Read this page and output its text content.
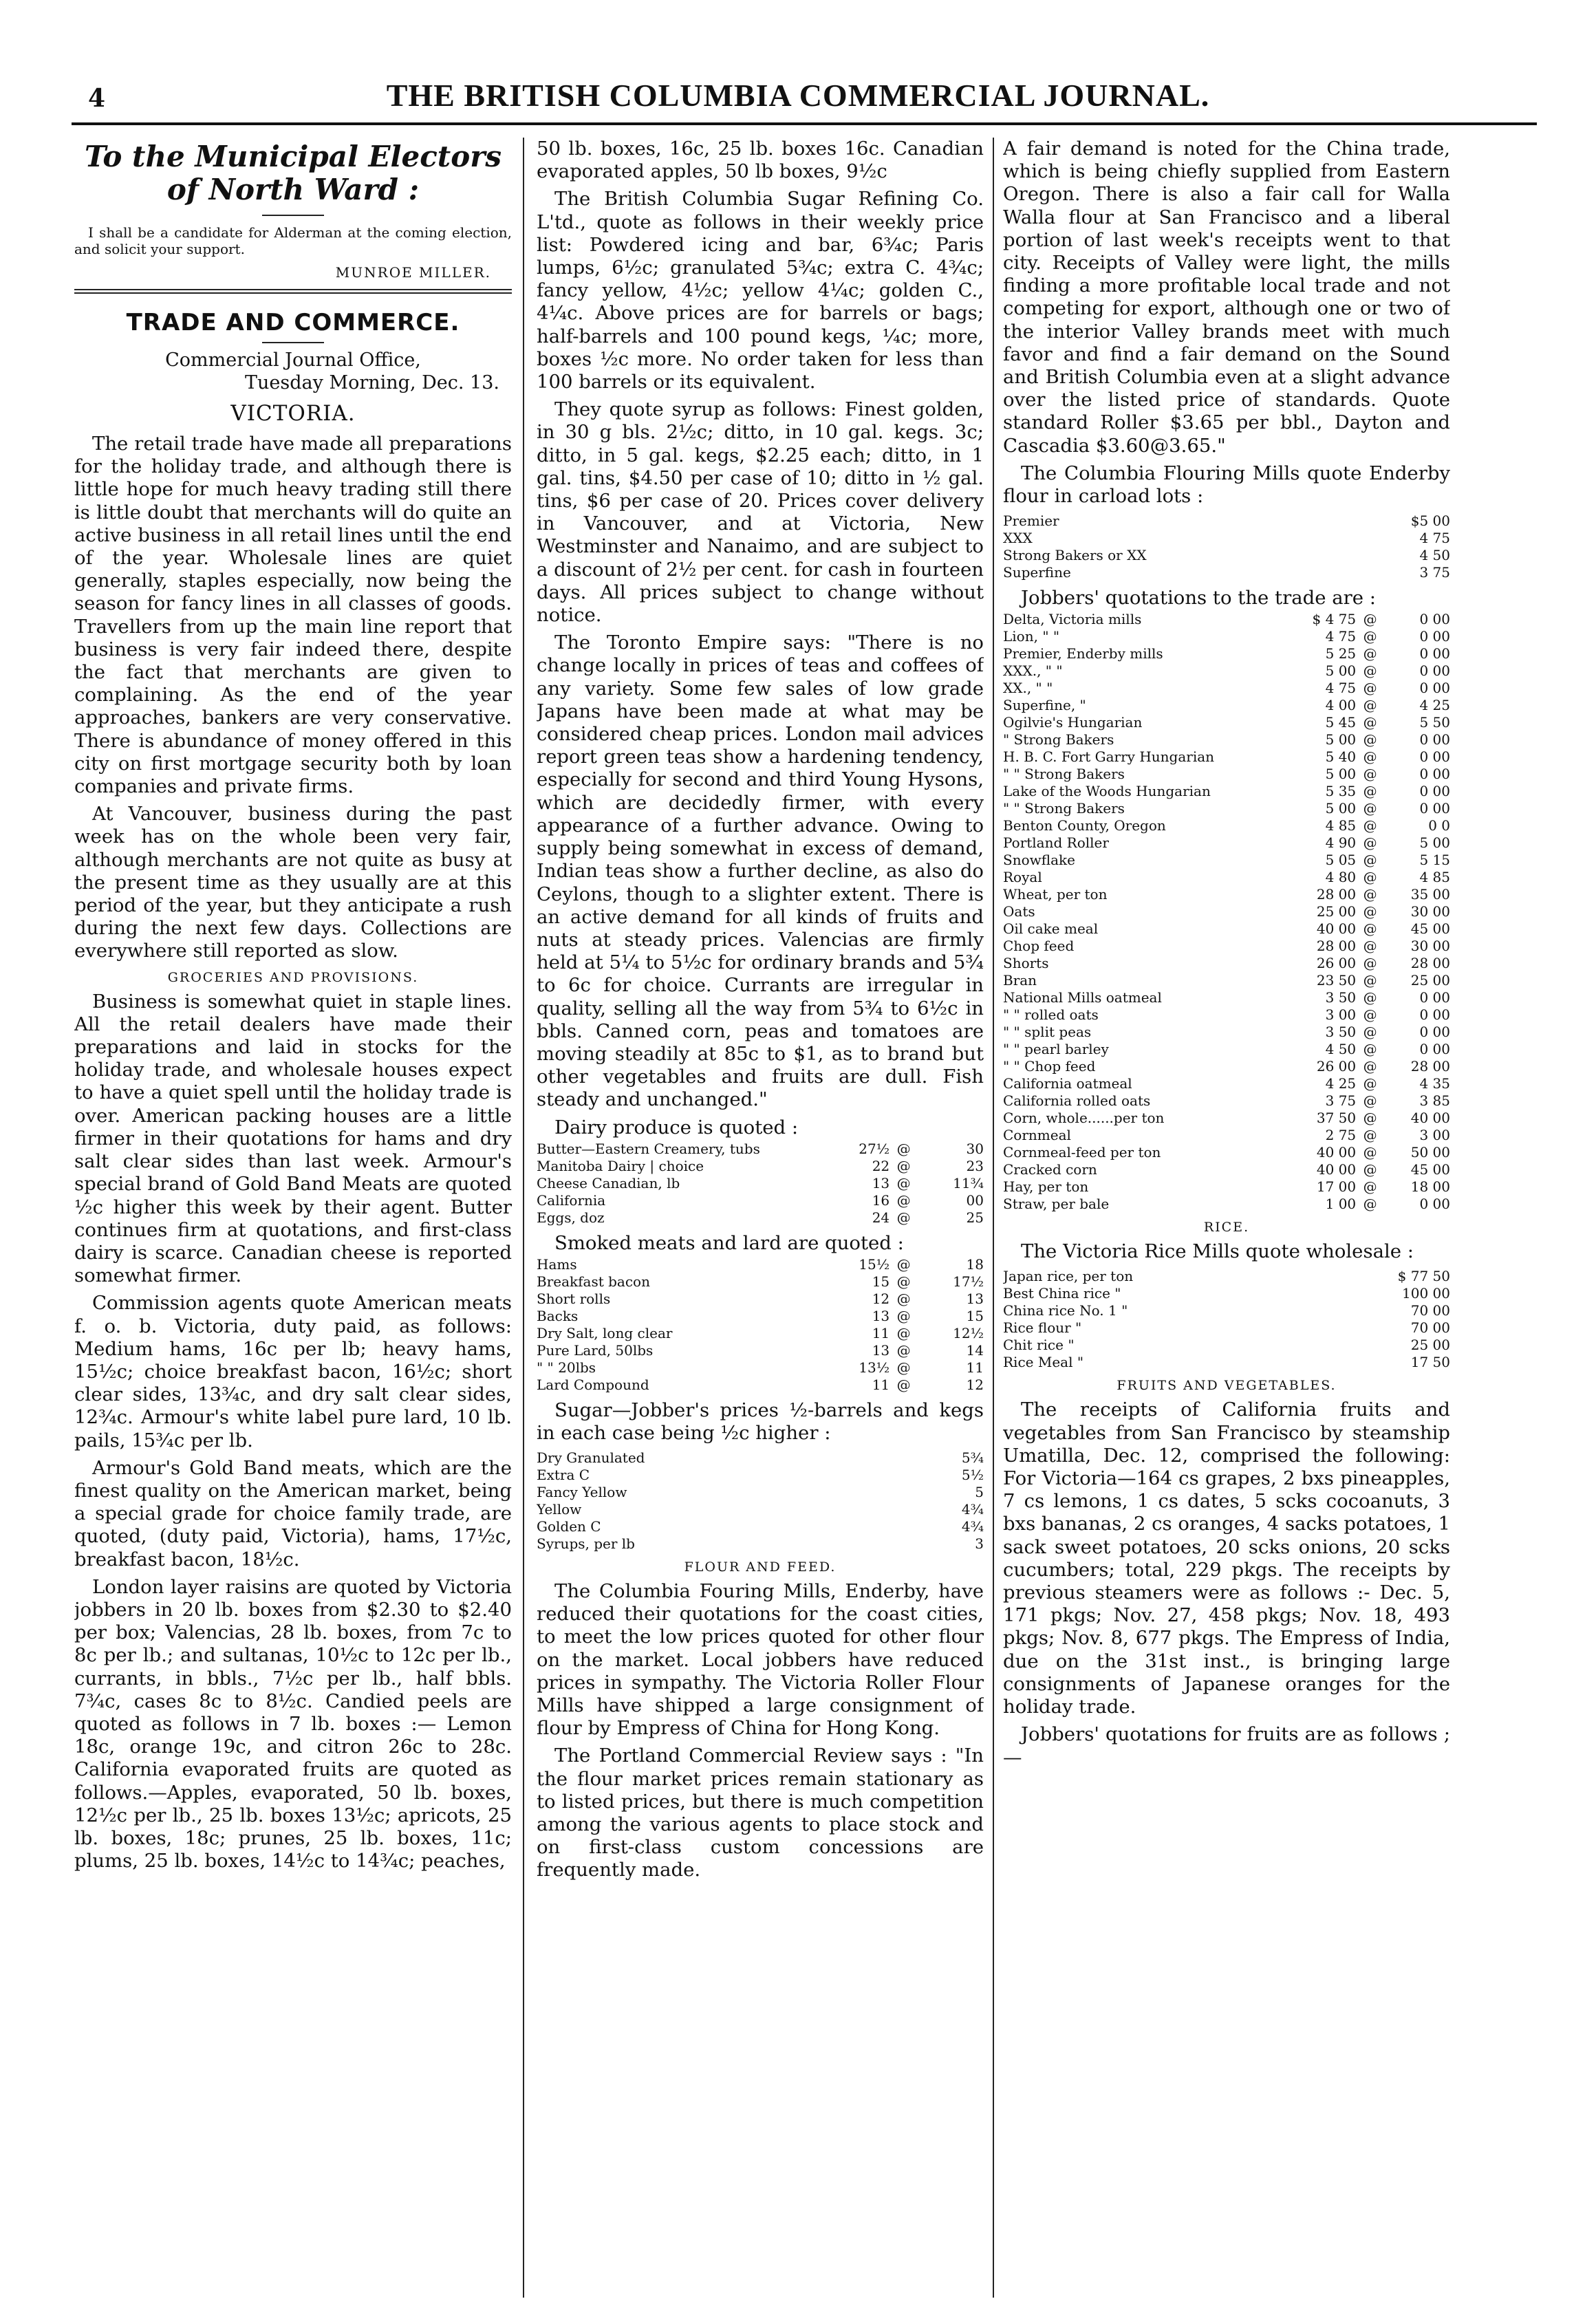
4	THE BRITISH COLUMBIA COMMERCIAL JOURNAL.
To the Municipal Electors of North Ward :

I shall be a candidate for Alderman at the coming election, and solicit your support.

MUNROE MILLER.
TRADE AND COMMERCE.
Commercial Journal Office,
Tuesday Morning, Dec. 13.
VICTORIA.

The retail trade have made all preparations for the holiday trade, and although there is little hope for much heavy trading still there is little doubt that merchants will do quite an active business in all retail lines until the end of the year. Wholesale lines are quiet generally, staples especially, now being the season for fancy lines in all classes of goods. Travellers from up the main line report that business is very fair indeed there, despite the fact that merchants are given to complaining. As the end of the year approaches, bankers are very conservative. There is abundance of money offered in this city on first mortgage security both by loan companies and private firms.

At Vancouver, business during the past week has on the whole been very fair, although merchants are not quite as busy at the present time as they usually are at this period of the year, but they anticipate a rush during the next few days. Collections are everywhere still reported as slow.

GROCERIES AND PROVISIONS.

Business is somewhat quiet in staple lines. All the retail dealers have made their preparations and laid in stocks for the holiday trade, and wholesale houses expect to have a quiet spell until the holiday trade is over. American packing houses are a little firmer in their quotations for hams and dry salt clear sides than last week. Armour's special brand of Gold Band Meats are quoted ½c higher this week by their agent. Butter continues firm at quotations, and first-class dairy is scarce. Canadian cheese is reported somewhat firmer.

Commission agents quote American meats f. o. b. Victoria, duty paid, as follows: Medium hams, 16c per lb; heavy hams, 15½c; choice breakfast bacon, 16½c; short clear sides, 13¾c, and dry salt clear sides, 12¾c. Armour's white label pure lard, 10 lb. pails, 15¾c per lb.

Armour's Gold Band meats, which are the finest quality on the American market, being a special grade for choice family trade, are quoted, (duty paid, Victoria), hams, 17½c, breakfast bacon, 18½c.

London layer raisins are quoted by Victoria jobbers in 20 lb. boxes from $2.30 to $2.40 per box; Valencias, 28 lb. boxes, from 7c to 8c per lb.; and sultanas, 10½c to 12c per lb., currants, in bbls., 7½c per lb., half bbls. 7¾c, cases 8c to 8½c. Candied peels are quoted as follows in 7 lb. boxes :— Lemon 18c, orange 19c, and citron 26c to 28c. California evaporated fruits are quoted as follows.—Apples, evaporated, 50 lb. boxes, 12½c per lb., 25 lb. boxes 13½c; apricots, 25 lb. boxes, 18c; prunes, 25 lb. boxes, 11c; plums, 25 lb. boxes, 14½c to 14¾c; peaches,

50 lb. boxes, 16c, 25 lb. boxes 16c. Canadian evaporated apples, 50 lb boxes, 9½c

The British Columbia Sugar Refining Co. L'td., quote as follows in their weekly price list: Powdered icing and bar, 6¾c; Paris lumps, 6½c; granulated 5¾c; extra C. 4¾c; fancy yellow, 4½c; yellow 4¼c; golden C., 4¼c. Above prices are for barrels or bags; half-barrels and 100 pound kegs, ¼c; more, boxes ½c more. No order taken for less than 100 barrels or its equivalent.

They quote syrup as follows: Finest golden, in 30 g bls. 2½c; ditto, in 10 gal. kegs. 3c; ditto, in 5 gal. kegs, $2.25 each; ditto, in 1 gal. tins, $4.50 per case of 10; ditto in ½ gal. tins, $6 per case of 20. Prices cover delivery in Vancouver, and at Victoria, New Westminster and Nanaimo, and are subject to a discount of 2½ per cent. for cash in fourteen days. All prices subject to change without notice.

The Toronto Empire says: "There is no change locally in prices of teas and coffees of any variety. Some few sales of low grade Japans have been made at what may be considered cheap prices. London mail advices report green teas show a hardening tendency, especially for second and third Young Hysons, which are decidedly firmer, with every appearance of a further advance. Owing to supply being somewhat in excess of demand, Indian teas show a further decline, as also do Ceylons, though to a slighter extent. There is an active demand for all kinds of fruits and nuts at steady prices. Valencias are firmly held at 5¼ to 5½c for ordinary brands and 5¾ to 6c for choice. Currants are irregular in quality, selling all the way from 5¾ to 6½c in bbls. Canned corn, peas and tomatoes are moving steadily at 85c to $1, as to brand but other vegetables and fruits are dull. Fish steady and unchanged."

Dairy produce is quoted :
Butter—Eastern Creamery, tubs	27½	@	30
Manitoba Dairy | choice	22	@	23
Cheese Canadian, lb	13	@	11¾
California	16	@	00
Eggs, doz	24	@	25
Smoked meats and lard are quoted :
Hams	15½	@	18
Breakfast bacon	15	@	17½
Short rolls	12	@	13
Backs	13	@	15
Dry Salt, long clear	11	@	12½
Pure Lard, 50lbs	13	@	14
" " 20lbs	13½	@	11
Lard Compound	11	@	12

Sugar—Jobber's prices ½-barrels and kegs in each case being ½c higher :

Dry Granulated	5¾
Extra C	5½
Fancy Yellow	5
Yellow	4¾
Golden C	4¾
Syrups, per lb	3
FLOUR AND FEED.

The Columbia Fouring Mills, Enderby, have reduced their quotations for the coast cities, to meet the low prices quoted for other flour on the market. Local jobbers have reduced prices in sympathy. The Victoria Roller Flour Mills have shipped a large consignment of flour by Empress of China for Hong Kong.

The Portland Commercial Review says : "In the flour market prices remain stationary as to listed prices, but there is much competition among the various agents to place stock and on first-class custom concessions are frequently made.

A fair demand is noted for the China trade, which is being chiefly supplied from Eastern Oregon. There is also a fair call for Walla Walla flour at San Francisco and a liberal portion of last week's receipts went to that city. Receipts of Valley were light, the mills finding a more profitable local trade and not competing for export, although one or two of the interior Valley brands meet with much favor and find a fair demand on the Sound and British Columbia even at a slight advance over the listed price of standards. Quote standard Roller $3.65 per bbl., Dayton and Cascadia $3.60@3.65."

The Columbia Flouring Mills quote Enderby flour in carload lots :

Premier	$5 00
XXX	4 75
Strong Bakers or XX	4 50
Superfine	3 75
Jobbers' quotations to the trade are :
Delta, Victoria mills	$ 4 75	@	0 00
Lion, " "	4 75	@	0 00
Premier, Enderby mills	5 25	@	0 00
XXX., " "	5 00	@	0 00
XX., " "	4 75	@	0 00
Superfine, "	4 00	@	4 25
Ogilvie's Hungarian	5 45	@	5 50
" Strong Bakers	5 00	@	0 00
H. B. C. Fort Garry Hungarian	5 40	@	0 00
" " Strong Bakers	5 00	@	0 00
Lake of the Woods Hungarian	5 35	@	0 00
" " Strong Bakers	5 00	@	0 00
Benton County, Oregon	4 85	@	0 0
Portland Roller	4 90	@	5 00
Snowflake	5 05	@	5 15
Royal	4 80	@	4 85
Wheat, per ton	28 00	@	35 00
Oats	25 00	@	30 00
Oil cake meal	40 00	@	45 00
Chop feed	28 00	@	30 00
Shorts	26 00	@	28 00
Bran	23 50	@	25 00
National Mills oatmeal	3 50	@	0 00
" " rolled oats	3 00	@	0 00
" " split peas	3 50	@	0 00
" " pearl barley	4 50	@	0 00
" " Chop feed	26 00	@	28 00
California oatmeal	4 25	@	4 35
California rolled oats	3 75	@	3 85
Corn, whole......per ton	37 50	@	40 00
Cornmeal	2 75	@	3 00
Cornmeal-feed per ton	40 00	@	50 00
Cracked corn	40 00	@	45 00
Hay, per ton	17 00	@	18 00
Straw, per bale	1 00	@	0 00
RICE.

The Victoria Rice Mills quote wholesale :

Japan rice, per ton	$ 77 50
Best China rice "	100 00
China rice No. 1 "	70 00
Rice flour "	70 00
Chit rice "	25 00
Rice Meal "	17 50
FRUITS AND VEGETABLES.

The receipts of California fruits and vegetables from San Francisco by steamship Umatilla, Dec. 12, comprised the following: For Victoria—164 cs grapes, 2 bxs pineapples, 7 cs lemons, 1 cs dates, 5 scks cocoanuts, 3 bxs bananas, 2 cs oranges, 4 sacks potatoes, 1 sack sweet potatoes, 20 scks onions, 20 scks cucumbers; total, 229 pkgs. The receipts by previous steamers were as follows :- Dec. 5, 171 pkgs; Nov. 27, 458 pkgs; Nov. 18, 493 pkgs; Nov. 8, 677 pkgs. The Empress of India, due on the 31st inst., is bringing large consignments of Japanese oranges for the holiday trade.

Jobbers' quotations for fruits are as follows ;—
